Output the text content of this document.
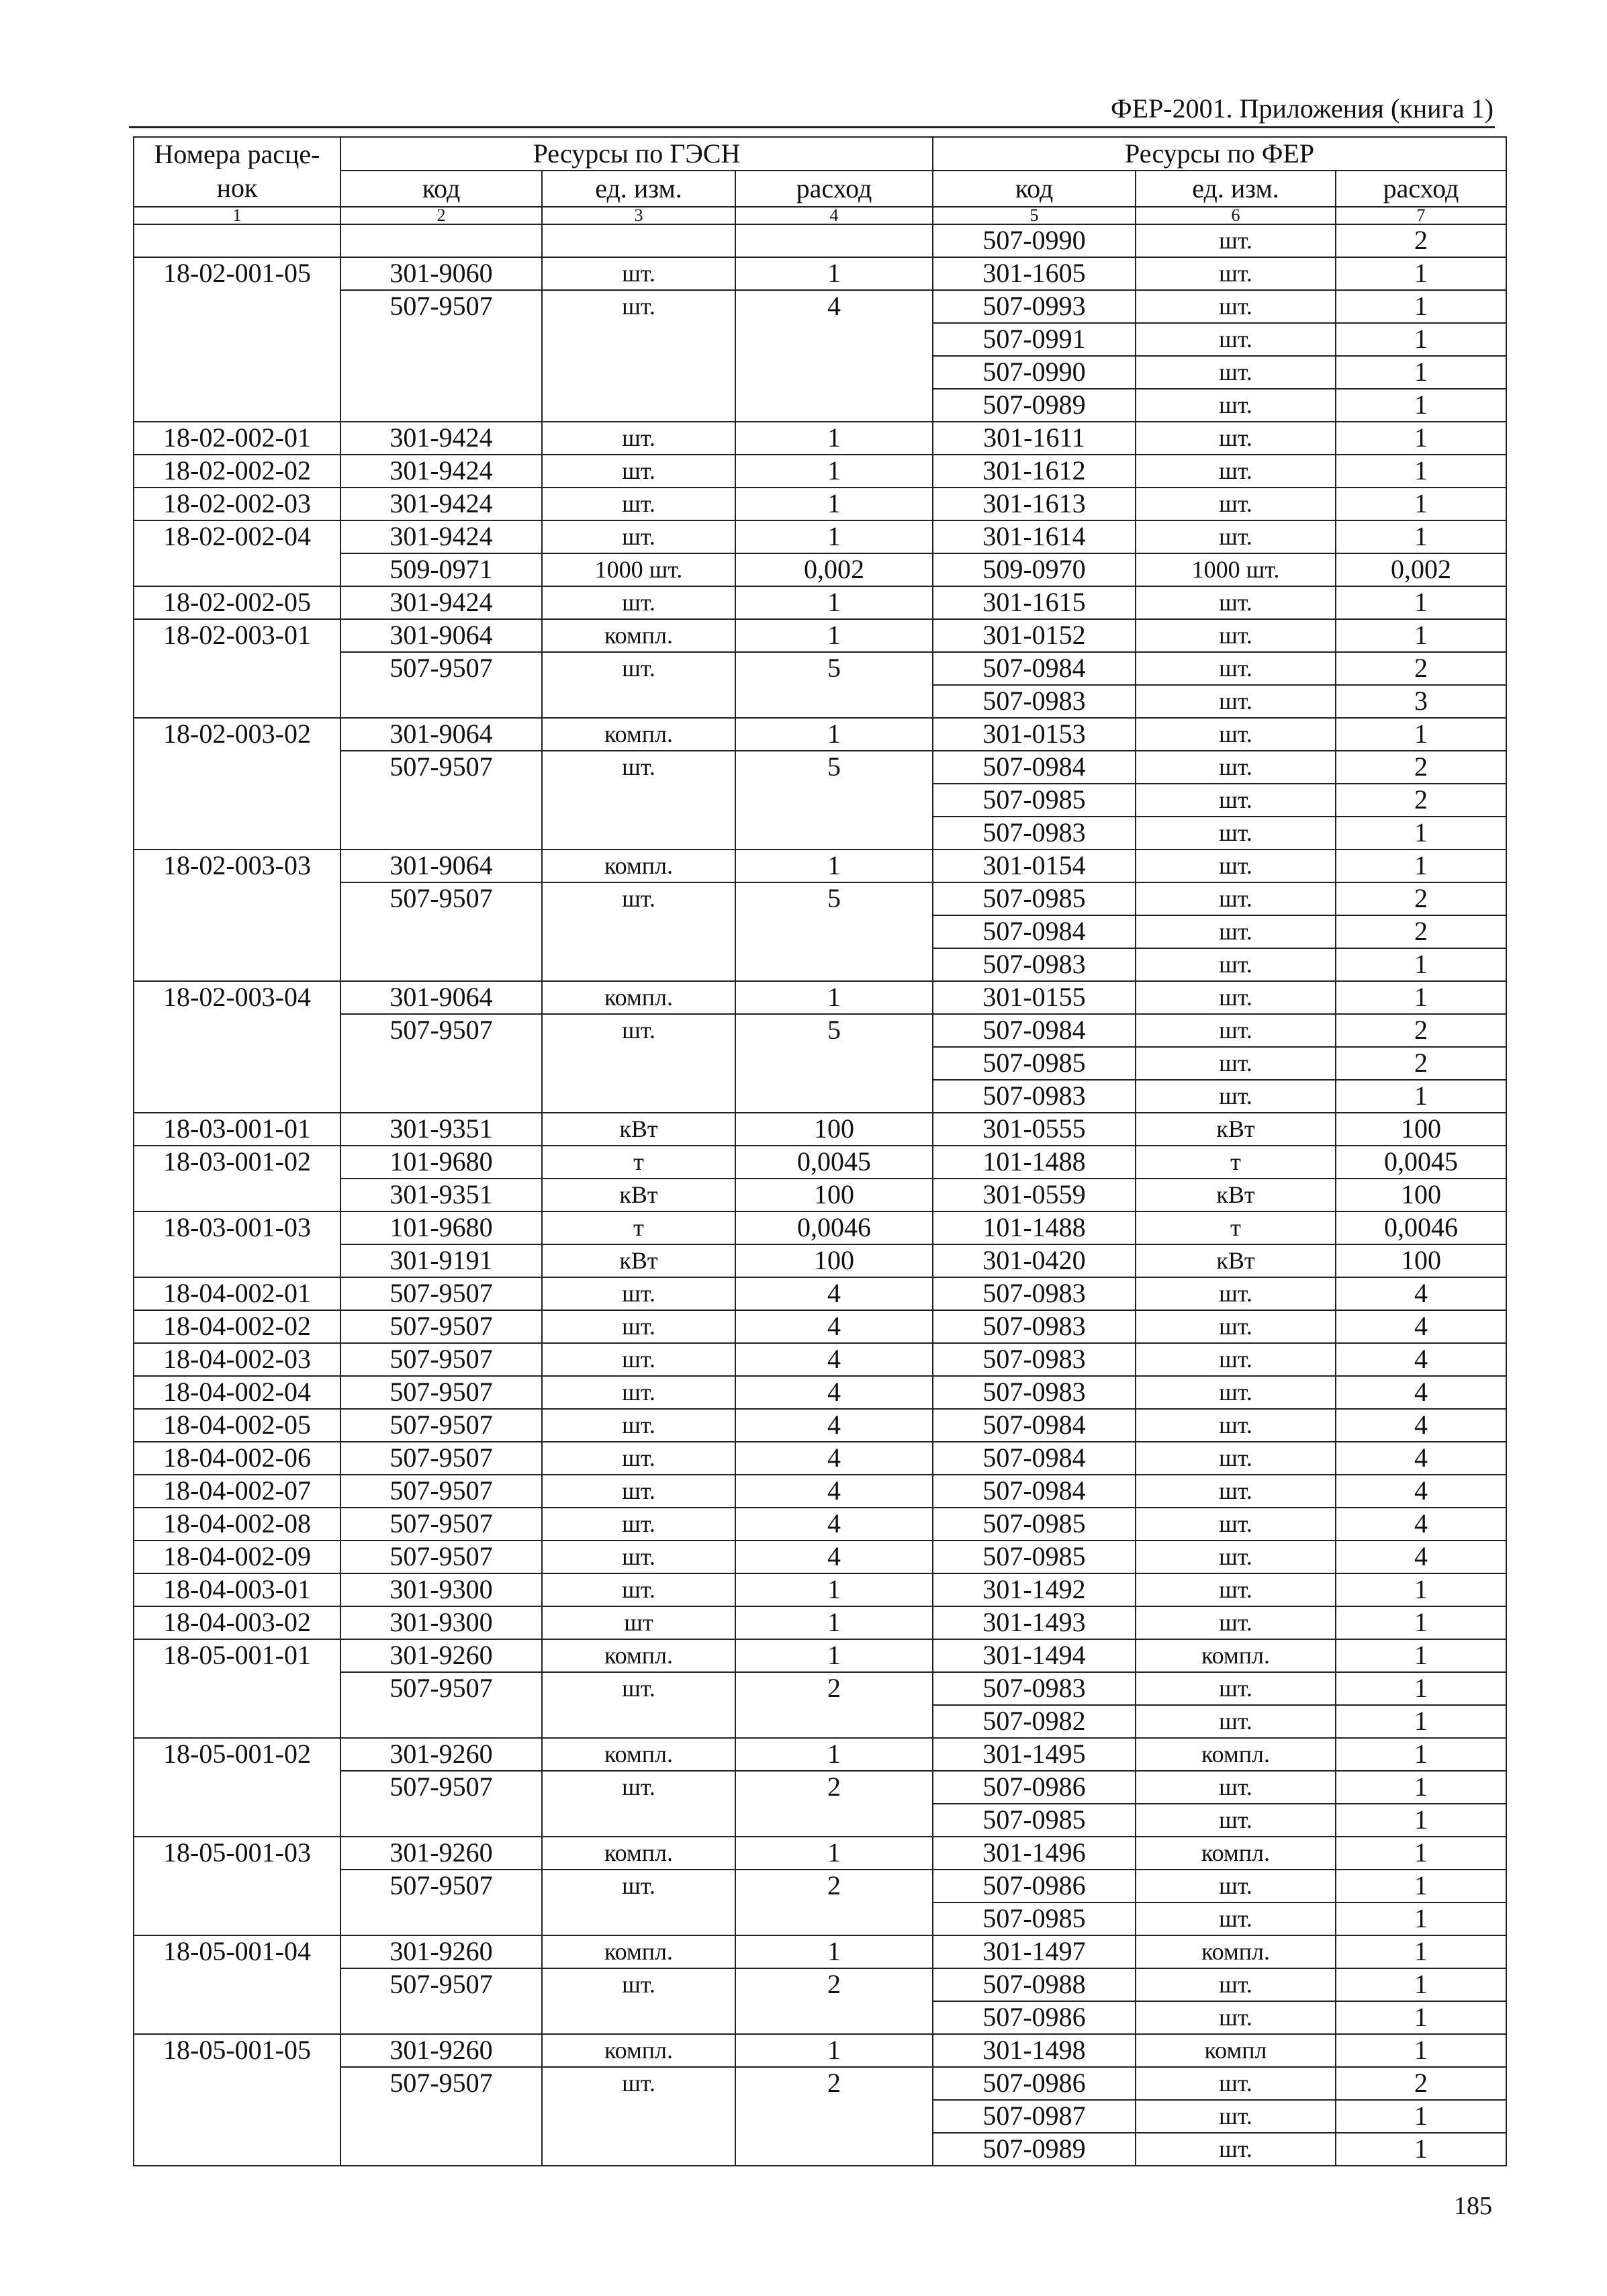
ФЕР-2001. Приложения (книга 1)
Номера расце-
нок	Ресурсы по ГЭСН			Ресурсы по ФЕР		
	код	ед. изм.	расход	код	ед. изм.	расход
1	2	3	4	5	6	7
				507-0990	шт.	2
18-02-001-05	301-9060	шт.	1	301-1605	шт.	1
	507-9507	шт.	4	507-0993	шт.	1
				507-0991	шт.	1
				507-0990	шт.	1
				507-0989	шт.	1
18-02-002-01	301-9424	шт.	1	301-1611	шт.	1
18-02-002-02	301-9424	шт.	1	301-1612	шт.	1
18-02-002-03	301-9424	шт.	1	301-1613	шт.	1
18-02-002-04	301-9424	шт.	1	301-1614	шт.	1
	509-0971	1000 шт.	0,002	509-0970	1000 шт.	0,002
18-02-002-05	301-9424	шт.	1	301-1615	шт.	1
18-02-003-01	301-9064	компл.	1	301-0152	шт.	1
	507-9507	шт.	5	507-0984	шт.	2
				507-0983	шт.	3
18-02-003-02	301-9064	компл.	1	301-0153	шт.	1
	507-9507	шт.	5	507-0984	шт.	2
				507-0985	шт.	2
				507-0983	шт.	1
18-02-003-03	301-9064	компл.	1	301-0154	шт.	1
	507-9507	шт.	5	507-0985	шт.	2
				507-0984	шт.	2
				507-0983	шт.	1
18-02-003-04	301-9064	компл.	1	301-0155	шт.	1
	507-9507	шт.	5	507-0984	шт.	2
				507-0985	шт.	2
				507-0983	шт.	1
18-03-001-01	301-9351	кВт	100	301-0555	кВт	100
18-03-001-02	101-9680	т	0,0045	101-1488	т	0,0045
	301-9351	кВт	100	301-0559	кВт	100
18-03-001-03	101-9680	т	0,0046	101-1488	т	0,0046
	301-9191	кВт	100	301-0420	кВт	100
18-04-002-01	507-9507	шт.	4	507-0983	шт.	4
18-04-002-02	507-9507	шт.	4	507-0983	шт.	4
18-04-002-03	507-9507	шт.	4	507-0983	шт.	4
18-04-002-04	507-9507	шт.	4	507-0983	шт.	4
18-04-002-05	507-9507	шт.	4	507-0984	шт.	4
18-04-002-06	507-9507	шт.	4	507-0984	шт.	4
18-04-002-07	507-9507	шт.	4	507-0984	шт.	4
18-04-002-08	507-9507	шт.	4	507-0985	шт.	4
18-04-002-09	507-9507	шт.	4	507-0985	шт.	4
18-04-003-01	301-9300	шт.	1	301-1492	шт.	1
18-04-003-02	301-9300	шт	1	301-1493	шт.	1
18-05-001-01	301-9260	компл.	1	301-1494	компл.	1
	507-9507	шт.	2	507-0983	шт.	1
				507-0982	шт.	1
18-05-001-02	301-9260	компл.	1	301-1495	компл.	1
	507-9507	шт.	2	507-0986	шт.	1
				507-0985	шт.	1
18-05-001-03	301-9260	компл.	1	301-1496	компл.	1
	507-9507	шт.	2	507-0986	шт.	1
				507-0985	шт.	1
18-05-001-04	301-9260	компл.	1	301-1497	компл.	1
	507-9507	шт.	2	507-0988	шт.	1
				507-0986	шт.	1
18-05-001-05	301-9260	компл.	1	301-1498	компл	1
	507-9507	шт.	2	507-0986	шт.	2
				507-0987	шт.	1
				507-0989	шт.	1
185
